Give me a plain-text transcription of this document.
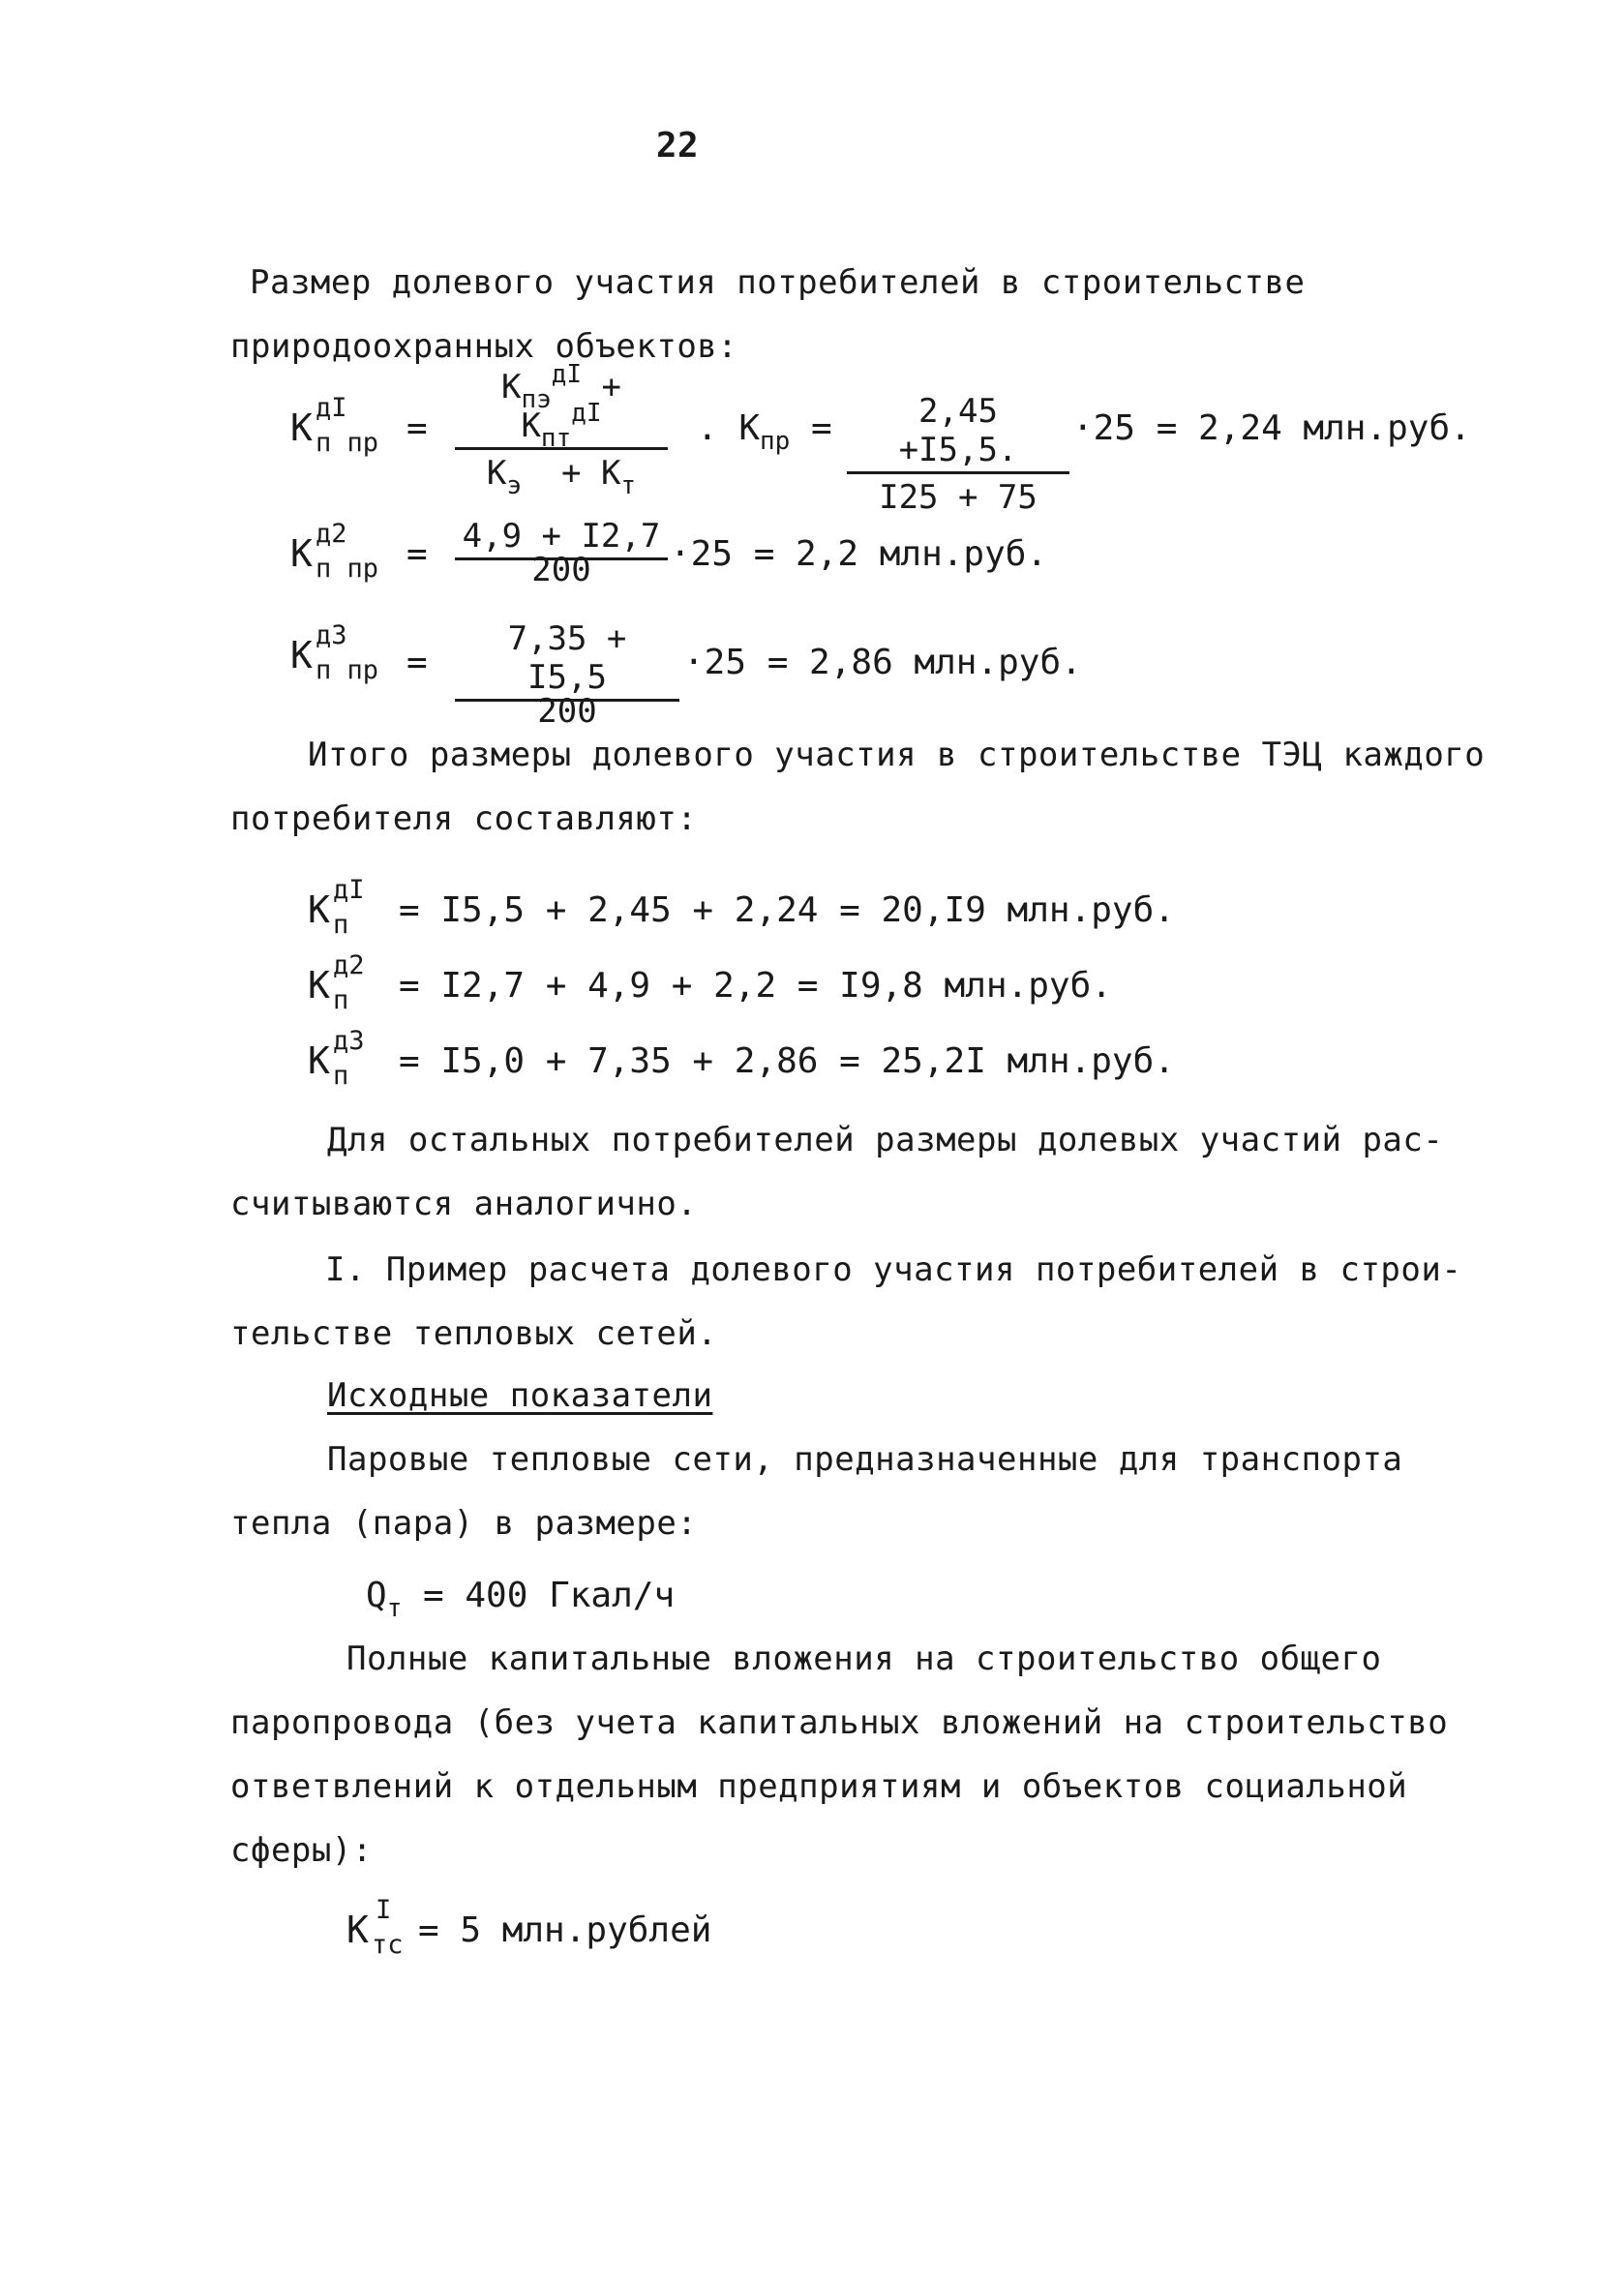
22
Размер долевого участия потребителей в строительстве
природоохранных объектов:
К дI
п пр =
$К_{пэ}^{дI} + К_{пт}^{дI}$
$К_э + К_т$
. $К_{пр} = \frac{2,45 +I5,5.}{I25 + 75} \cdot 25 = 2,24$ млн.руб.
К д2
п пр = 4,9 + I2,7
200	·25 = 2,2 млн.руб.
К д3
п пр =
7,35 + I5,5
200
·25 = 2,86 млн.руб.
Итого размеры долевого участия в строительстве ТЭЦ каждого
потребителя составляют:
К дI
п = I5,5 + 2,45 + 2,24 = 20,I9 млн.руб.
К д2
п = I2,7 + 4,9 + 2,2 = I9,8 млн.руб.
К д3
п = I5,0 + 7,35 + 2,86 = 25,2I млн.руб.
Для остальных потребителей размеры долевых участий рас-
считываются аналогично.
I. Пример расчета долевого участия потребителей в строи-
тельстве тепловых сетей.
Исходные показатели
Паровые тепловые сети, предназначенные для транспорта
тепла (пара) в размере:
$Q_т = 400$ Гкал/ч
Полные капитальные вложения на строительство общего
паропровода (без учета капитальных вложений на строительство
ответвлений к отдельным предприятиям и объектов социальной
сферы):
К I
тс = 5 млн.рублей
